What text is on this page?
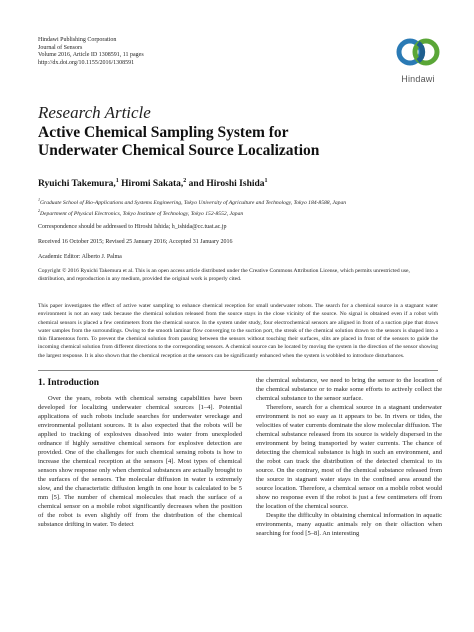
Hindawi Publishing Corporation
Journal of Sensors
Volume 2016, Article ID 1308591, 11 pages
http://dx.doi.org/10.1155/2016/1308591
Hindawi
Research Article
Active Chemical Sampling System for Underwater Chemical Source Localization
Ryuichi Takemura,$^1$ Hiromi Sakata,$^2$ and Hiroshi Ishida$^1$
$^1$Graduate School of Bio-Applications and Systems Engineering, Tokyo University of Agriculture and Technology, Tokyo 184-8588, Japan
$^2$Department of Physical Electronics, Tokyo Institute of Technology, Tokyo 152-8552, Japan
Correspondence should be addressed to Hiroshi Ishida; h_ishida@cc.tuat.ac.jp
Received 16 October 2015; Revised 25 January 2016; Accepted 31 January 2016
Academic Editor: Alberto J. Palma
Copyright © 2016 Ryuichi Takemura et al. This is an open access article distributed under the Creative Commons Attribution License, which permits unrestricted use, distribution, and reproduction in any medium, provided the original work is properly cited.
This paper investigates the effect of active water sampling to enhance chemical reception for small underwater robots. The search for a chemical source in a stagnant water environment is not an easy task because the chemical solution released from the source stays in the close vicinity of the source. No signal is obtained even if a robot with chemical sensors is placed a few centimeters from the chemical source. In the system under study, four electrochemical sensors are aligned in front of a suction pipe that draws water samples from the surroundings. Owing to the smooth laminar flow converging to the suction port, the streak of the chemical solution drawn to the sensors is shaped into a thin filamentous form. To prevent the chemical solution from passing between the sensors without touching their surfaces, slits are placed in front of the sensors to guide the incoming chemical solution from different directions to the corresponding sensors. A chemical source can be located by moving the system in the direction of the sensor showing the largest response. It is also shown that the chemical reception at the sensors can be significantly enhanced when the system is wobbled to introduce disturbances.
1. Introduction

Over the years, robots with chemical sensing capabilities have been developed for localizing underwater chemical sources [1–4]. Potential applications of such robots include searches for underwater wreckage and environmental pollutant sources. It is also expected that the robots will be applied to tracking of explosives dissolved into water from unexploded ordnance if highly sensitive chemical sensors for explosive detection are provided. One of the challenges for such chemical sensing robots is how to increase the chemical reception at the sensors [4]. Most types of chemical sensors show response only when chemical substances are actually brought to the surfaces of the sensors. The molecular diffusion in water is extremely slow, and the characteristic diffusion length in one hour is calculated to be 5 mm [5]. The number of chemical molecules that reach the surface of a chemical sensor on a mobile robot significantly decreases when the position of the robot is even slightly off from the distribution of the chemical substance drifting in water. To detect

the chemical substance, we need to bring the sensor to the location of the chemical substance or to make some efforts to actively collect the chemical substance to the sensor surface.

Therefore, search for a chemical source in a stagnant underwater environment is not so easy as it appears to be. In rivers or tides, the velocities of water currents dominate the slow molecular diffusion. The chemical substance released from its source is widely dispersed in the environment by being transported by water currents. The chance of detecting the chemical substance is high in such an environment, and the robot can track the distribution of the detected chemical to its source. On the contrary, most of the chemical substance released from the source in stagnant water stays in the confined area around the source location. Therefore, a chemical sensor on a mobile robot would show no response even if the robot is just a few centimeters off from the location of the chemical source.

Despite the difficulty in obtaining chemical information in aquatic environments, many aquatic animals rely on their olfaction when searching for food [5–8]. An interesting
